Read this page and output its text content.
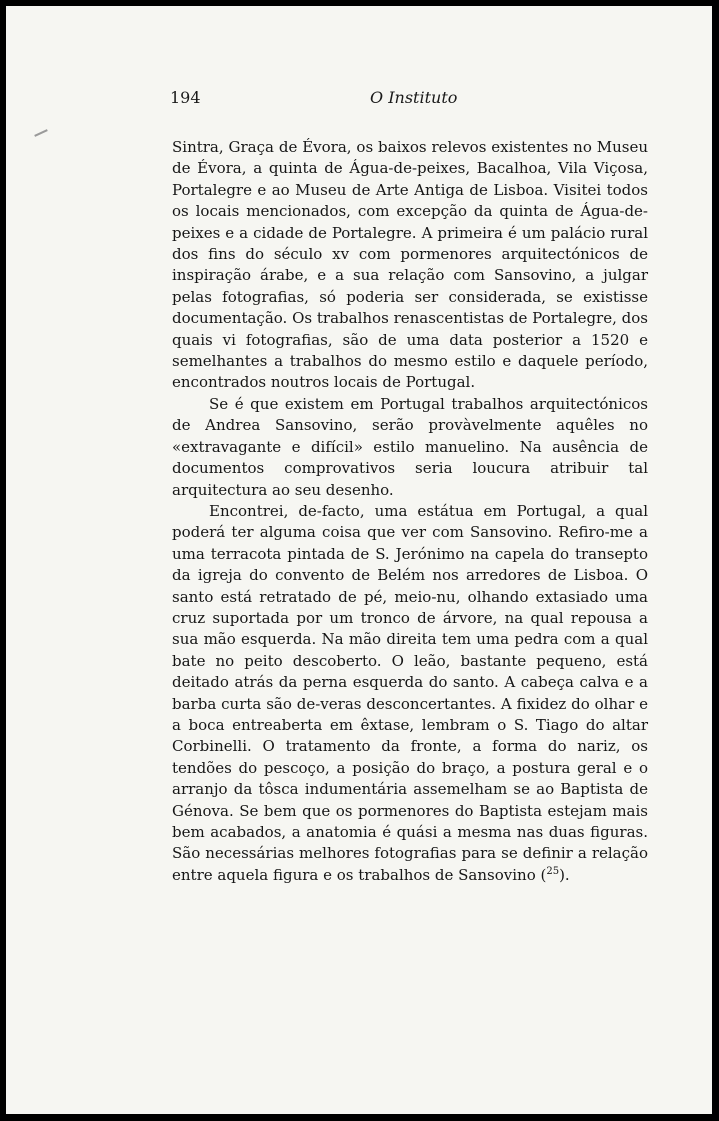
194	O Instituto

Sintra, Graça de Évora, os baixos relevos existentes no Museu de Évora, a quinta de Água-de-peixes, Bacalhoa, Vila Viçosa, Portalegre e ao Museu de Arte Antiga de Lisboa. Visitei todos os locais mencionados, com excepção da quinta de Água-de-peixes e a cidade de Portalegre. A primeira é um palácio rural dos fins do século xv com pormenores arquitectónicos de inspiração árabe, e a sua relação com Sansovino, a julgar pelas fotografias, só poderia ser considerada, se existisse documentação. Os trabalhos renascentistas de Portalegre, dos quais vi fotografias, são de uma data posterior a 1520 e semelhantes a trabalhos do mesmo estilo e daquele período, encontrados noutros locais de Portugal.

Se é que existem em Portugal trabalhos arquitectónicos de Andrea Sansovino, serão provàvelmente aquêles no «extravagante e difícil» estilo manuelino. Na ausência de documentos comprovativos seria loucura atribuir tal arquitectura ao seu desenho.

Encontrei, de-facto, uma estátua em Portugal, a qual poderá ter alguma coisa que ver com Sansovino. Refiro-me a uma terracota pintada de S. Jerónimo na capela do transepto da igreja do convento de Belém nos arredores de Lisboa. O santo está retratado de pé, meio-nu, olhando extasiado uma cruz suportada por um tronco de árvore, na qual repousa a sua mão esquerda. Na mão direita tem uma pedra com a qual bate no peito descoberto. O leão, bastante pequeno, está deitado atrás da perna esquerda do santo. A cabeça calva e a barba curta são de-veras desconcertantes. A fixidez do olhar e a boca entreaberta em êxtase, lembram o S. Tiago do altar Corbinelli. O tratamento da fronte, a forma do nariz, os tendões do pescoço, a posição do braço, a postura geral e o arranjo da tôsca indumentária assemelham se ao Baptista de Génova. Se bem que os pormenores do Baptista estejam mais bem acabados, a anatomia é quási a mesma nas duas figuras. São necessárias melhores fotografias para se definir a relação entre aquela figura e os trabalhos de Sansovino ($^{25}$).
